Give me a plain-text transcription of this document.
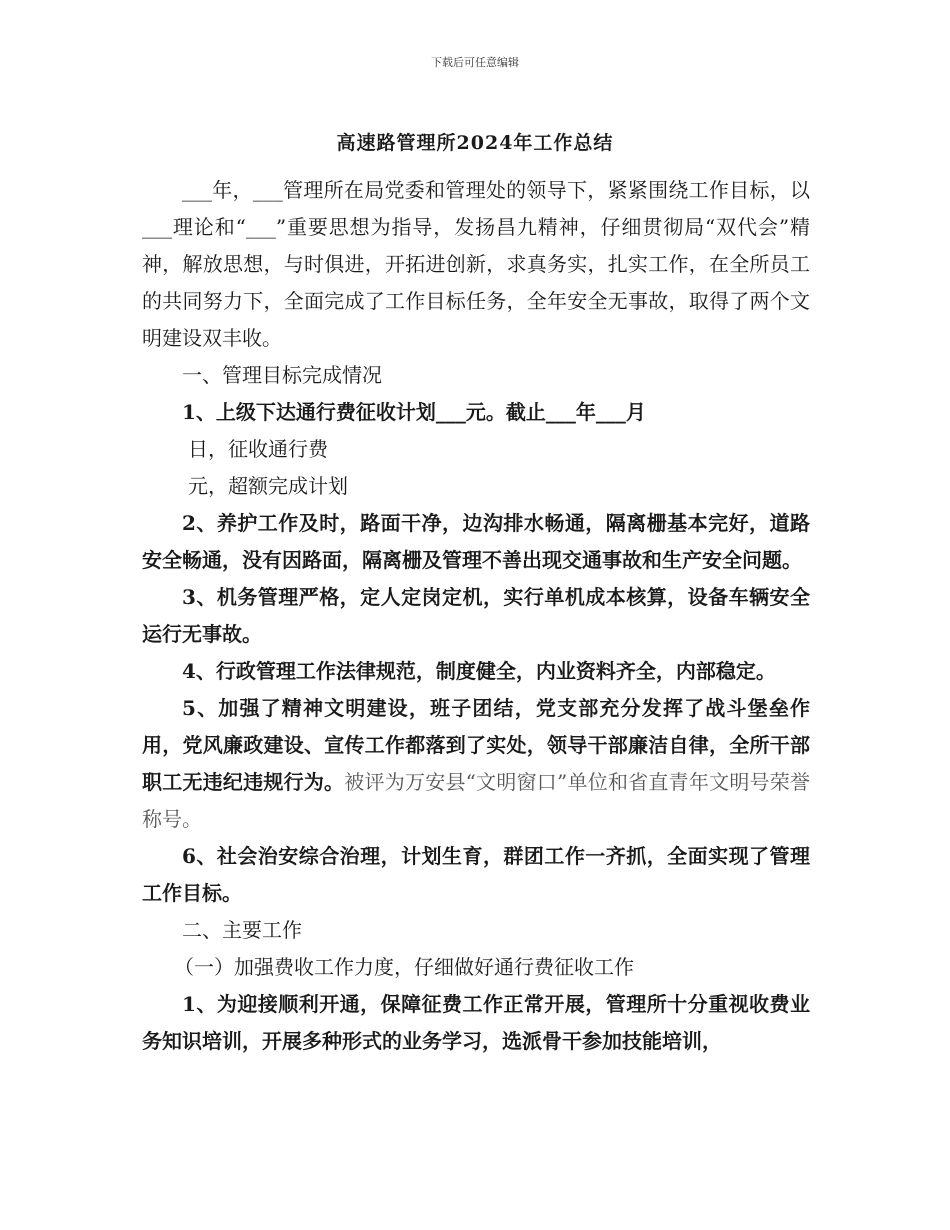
下载后可任意编辑
高速路管理所2024年工作总结

___年，___管理所在局党委和管理处的领导下，紧紧围绕工作目标，以___理论和“___”重要思想为指导，发扬昌九精神，仔细贯彻局“双代会”精神，解放思想，与时俱进，开拓进创新，求真务实，扎实工作，在全所员工的共同努力下，全面完成了工作目标任务，全年安全无事故，取得了两个文明建设双丰收。

一、管理目标完成情况

1、上级下达通行费征收计划___元。截止___年___月

日，征收通行费

元，超额完成计划

2、养护工作及时，路面干净，边沟排水畅通，隔离栅基本完好，道路安全畅通，没有因路面，隔离栅及管理不善出现交通事故和生产安全问题。

3、机务管理严格，定人定岗定机，实行单机成本核算，设备车辆安全运行无事故。

4、行政管理工作法律规范，制度健全，内业资料齐全，内部稳定。

5、加强了精神文明建设，班子团结，党支部充分发挥了战斗堡垒作用，党风廉政建设、宣传工作都落到了实处，领导干部廉洁自律，全所干部职工无违纪违规行为。被评为万安县“文明窗口”单位和省直青年文明号荣誉称号。

6、社会治安综合治理，计划生育，群团工作一齐抓，全面实现了管理工作目标。

二、主要工作

（一）加强费收工作力度，仔细做好通行费征收工作

1、为迎接顺利开通，保障征费工作正常开展，管理所十分重视收费业务知识培训，开展多种形式的业务学习，选派骨干参加技能培训，
